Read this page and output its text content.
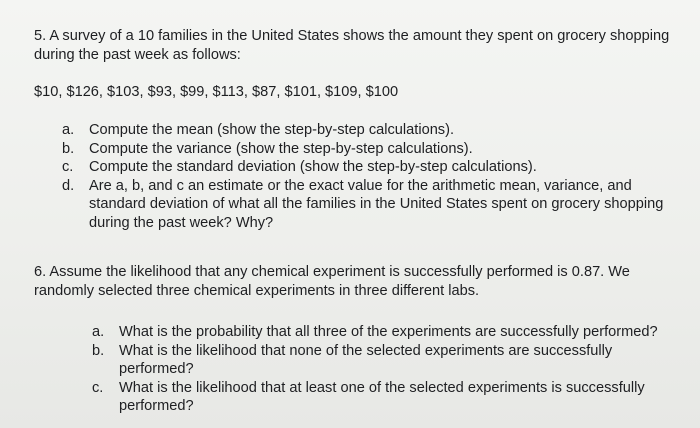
5. A survey of a 10 families in the United States shows the amount they spent on grocery shopping during the past week as follows:

$10, $126, $103, $93, $99, $113, $87, $101, $109, $100

a.	Compute the mean (show the step-by-step calculations).
b.	Compute the variance (show the step-by-step calculations).
c.	Compute the standard deviation (show the step-by-step calculations).
d.	Are a, b, and c an estimate or the exact value for the arithmetic mean, variance, and standard deviation of what all the families in the United States spent on grocery shopping during the past week? Why?

6. Assume the likelihood that any chemical experiment is successfully performed is 0.87. We randomly selected three chemical experiments in three different labs.

a.	What is the probability that all three of the experiments are successfully performed?
b.	What is the likelihood that none of the selected experiments are successfully performed?
c.	What is the likelihood that at least one of the selected experiments is successfully performed?
